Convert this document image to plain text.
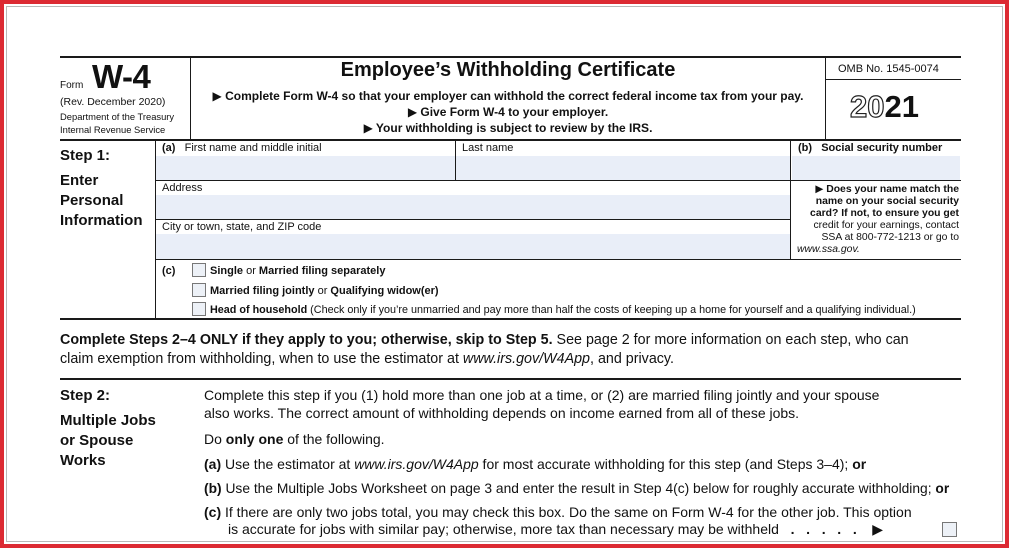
Form W-4
(Rev. December 2020)
Department of the Treasury
Internal Revenue Service
Employee’s Withholding Certificate
▶ Complete Form W-4 so that your employer can withhold the correct federal income tax from your pay.
▶ Give Form W-4 to your employer.
▶ Your withholding is subject to review by the IRS.
OMB No. 1545-0074
2021
Step 1:
Enter
Personal
Information
(a) First name and middle initial	Last name	(b) Social security number
Address
City or town, state, and ZIP code
▶ Does your name match the
name on your social security
card? If not, to ensure you get
credit for your earnings, contact
SSA at 800-772-1213 or go to
www.ssa.gov.
(c)	Single or Married filing separately
Married filing jointly or Qualifying widow(er)
Head of household (Check only if you’re unmarried and pay more than half the costs of keeping up a home for yourself and a qualifying individual.)
Complete Steps 2–4 ONLY if they apply to you; otherwise, skip to Step 5. See page 2 for more information on each step, who can
claim exemption from withholding, when to use the estimator at www.irs.gov/W4App, and privacy.
Step 2:
Multiple Jobs
or Spouse
Works
Complete this step if you (1) hold more than one job at a time, or (2) are married filing jointly and your spouse
also works. The correct amount of withholding depends on income earned from all of these jobs.
Do only one of the following.
(a) Use the estimator at www.irs.gov/W4App for most accurate withholding for this step (and Steps 3–4); or
(b) Use the Multiple Jobs Worksheet on page 3 and enter the result in Step 4(c) below for roughly accurate withholding; or
(c) If there are only two jobs total, you may check this box. Do the same on Form W-4 for the other job. This option
is accurate for jobs with similar pay; otherwise, more tax than necessary may be withheld .   .   .   .   . ▶
